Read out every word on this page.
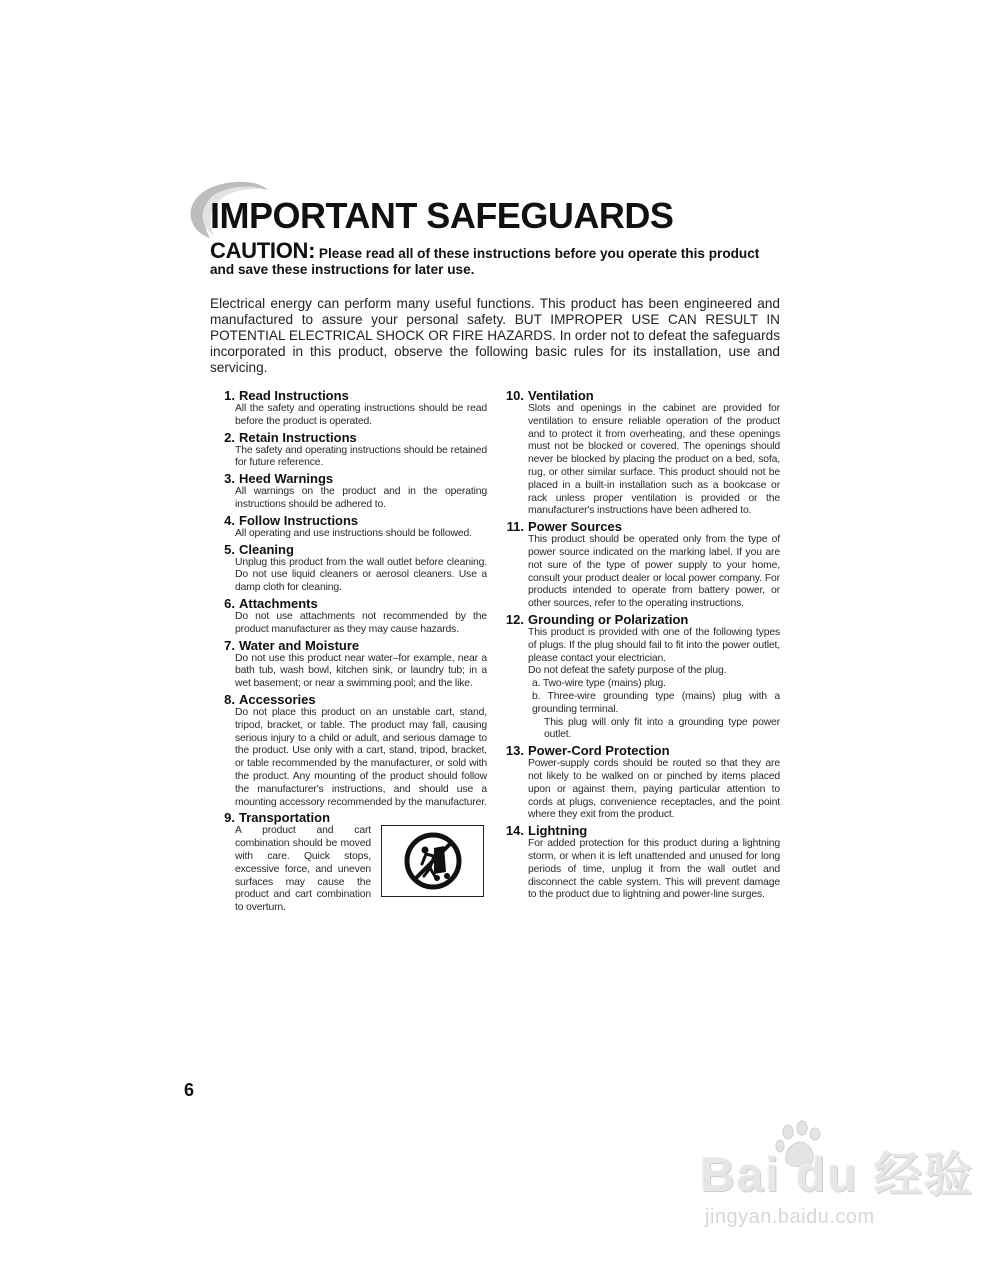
IMPORTANT SAFEGUARDS

CAUTION: Please read all of these instructions before you operate this product and save these instructions for later use.

Electrical energy can perform many useful functions. This product has been engineered and manufactured to assure your personal safety. BUT IMPROPER USE CAN RESULT IN POTENTIAL ELECTRICAL SHOCK OR FIRE HAZARDS. In order not to defeat the safeguards incorporated in this product, observe the following basic rules for its installation, use and servicing.

1. Read Instructions
All the safety and operating instructions should be read before the product is operated.
2. Retain Instructions
The safety and operating instructions should be retained for future reference.
3. Heed Warnings
All warnings on the product and in the operating instructions should be adhered to.
4. Follow Instructions
All operating and use instructions should be followed.
5. Cleaning
Unplug this product from the wall outlet before cleaning. Do not use liquid cleaners or aerosol cleaners. Use a damp cloth for cleaning.
6. Attachments
Do not use attachments not recommended by the product manufacturer as they may cause hazards.
7. Water and Moisture
Do not use this product near water–for example, near a bath tub, wash bowl, kitchen sink, or laundry tub; in a wet basement; or near a swimming pool; and the like.
8. Accessories
Do not place this product on an unstable cart, stand, tripod, bracket, or table. The product may fall, causing serious injury to a child or adult, and serious damage to the product. Use only with a cart, stand, tripod, bracket, or table recommended by the manufacturer, or sold with the product. Any mounting of the product should follow the manufacturer's instructions, and should use a mounting accessory recommended by the manufacturer.
9. Transportation
A product and cart combination should be moved with care. Quick stops, excessive force, and uneven surfaces may cause the product and cart combination to overturn.
10. Ventilation
Slots and openings in the cabinet are provided for ventilation to ensure reliable operation of the product and to protect it from overheating, and these openings must not be blocked or covered. The openings should never be blocked by placing the product on a bed, sofa, rug, or other similar surface. This product should not be placed in a built-in installation such as a bookcase or rack unless proper ventilation is provided or the manufacturer's instructions have been adhered to.
11. Power Sources
This product should be operated only from the type of power source indicated on the marking label. If you are not sure of the type of power supply to your home, consult your product dealer or local power company. For products intended to operate from battery power, or other sources, refer to the operating instructions.
12. Grounding or Polarization
This product is provided with one of the following types of plugs. If the plug should fail to fit into the power outlet, please contact your electrician.
Do not defeat the safety purpose of the plug.
a. Two-wire type (mains) plug.
b. Three-wire grounding type (mains) plug with a grounding terminal.
This plug will only fit into a grounding type power outlet.
13. Power-Cord Protection
Power-supply cords should be routed so that they are not likely to be walked on or pinched by items placed upon or against them, paying particular attention to cords at plugs, convenience receptacles, and the point where they exit from the product.
14. Lightning
For added protection for this product during a lightning storm, or when it is left unattended and unused for long periods of time, unplug it from the wall outlet and disconnect the cable system. This will prevent damage to the product due to lightning and power-line surges.
6
Bai du 经验
jingyan.baidu.com
